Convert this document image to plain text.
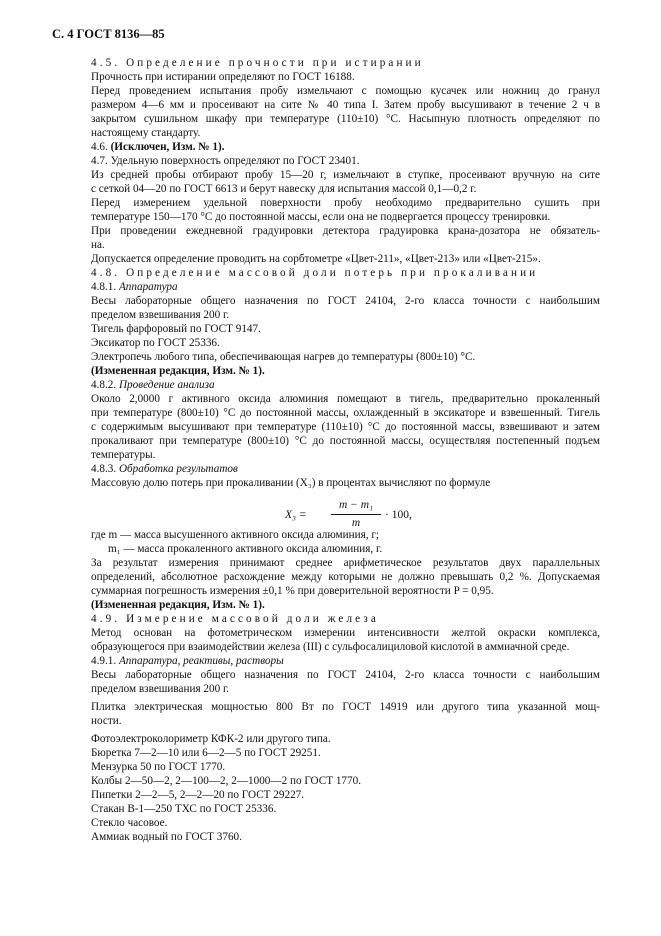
С. 4 ГОСТ 8136—85
4.5. Определение прочности при истирании
Прочность при истирании определяют по ГОСТ 16188.
Перед проведением испытания пробу измельчают с помощью кусачек или ножниц до гранул
размером 4—6 мм и просеивают на сите № 40 типа I. Затем пробу высушивают в течение 2 ч в
закрытом сушильном шкафу при температуре (110±10) °С. Насыпную плотность определяют по
настоящему стандарту.
4.6. (Исключен, Изм. № 1).
4.7. Удельную поверхность определяют по ГОСТ 23401.
Из средней пробы отбирают пробу 15—20 г, измельчают в ступке, просеивают вручную на сите
с сеткой 04—20 по ГОСТ 6613 и берут навеску для испытания массой 0,1—0,2 г.
Перед измерением удельной поверхности пробу необходимо предварительно сушить при
температуре 150—170 °С до постоянной массы, если она не подвергается процессу тренировки.
При проведении ежедневной градуировки детектора градуировка крана-дозатора не обязатель-
на.
Допускается определение проводить на сорбтометре «Цвет-211», «Цвет-213» или «Цвет-215».
4.8. Определение массовой доли потерь при прокаливании
4.8.1. Аппаратура
Весы лабораторные общего назначения по ГОСТ 24104, 2-го класса точности с наибольшим
пределом взвешивания 200 г.
Тигель фарфоровый по ГОСТ 9147.
Эксикатор по ГОСТ 25336.
Электропечь любого типа, обеспечивающая нагрев до температуры (800±10) °С.
(Измененная редакция, Изм. № 1).
4.8.2. Проведение анализа
Около 2,0000 г активного оксида алюминия помещают в тигель, предварительно прокаленный
при температуре (800±10) °С до постоянной массы, охлажденный в эксикаторе и взвешенный. Тигель
с содержимым высушивают при температуре (110±10) °С до постоянной массы, взвешивают и затем
прокаливают при температуре (800±10) °С до постоянной массы, осуществляя постепенный подъем
температуры.
4.8.3. Обработка результатов
Массовую долю потерь при прокаливании (X₃) в процентах вычисляют по формуле
X₃ =
m − m₁
m
· 100,
где m — масса высушенного активного оксида алюминия, г;
m₁ — масса прокаленного активного оксида алюминия, г.
За результат измерения принимают среднее арифметическое результатов двух параллельных
определений, абсолютное расхождение между которыми не должно превышать 0,2 %. Допускаемая
суммарная погрешность измерения ±0,1 % при доверительной вероятности P = 0,95.
(Измененная редакция, Изм. № 1).
4.9. Измерение массовой доли железа
Метод основан на фотометрическом измерении интенсивности желтой окраски комплекса,
образующегося при взаимодействии железа (III) с сульфосалициловой кислотой в аммиачной среде.
4.9.1. Аппаратура, реактивы, растворы
Весы лабораторные общего назначения по ГОСТ 24104, 2-го класса точности с наибольшим
пределом взвешивания 200 г.
Плитка электрическая мощностью 800 Вт по ГОСТ 14919 или другого типа указанной мощ-
ности.
Фотоэлектроколориметр КФК-2 или другого типа.
Бюретка 7—2—10 или 6—2—5 по ГОСТ 29251.
Мензурка 50 по ГОСТ 1770.
Колбы 2—50—2, 2—100—2, 2—1000—2 по ГОСТ 1770.
Пипетки 2—2—5, 2—2—20 по ГОСТ 29227.
Стакан В-1—250 ТХС по ГОСТ 25336.
Стекло часовое.
Аммиак водный по ГОСТ 3760.
